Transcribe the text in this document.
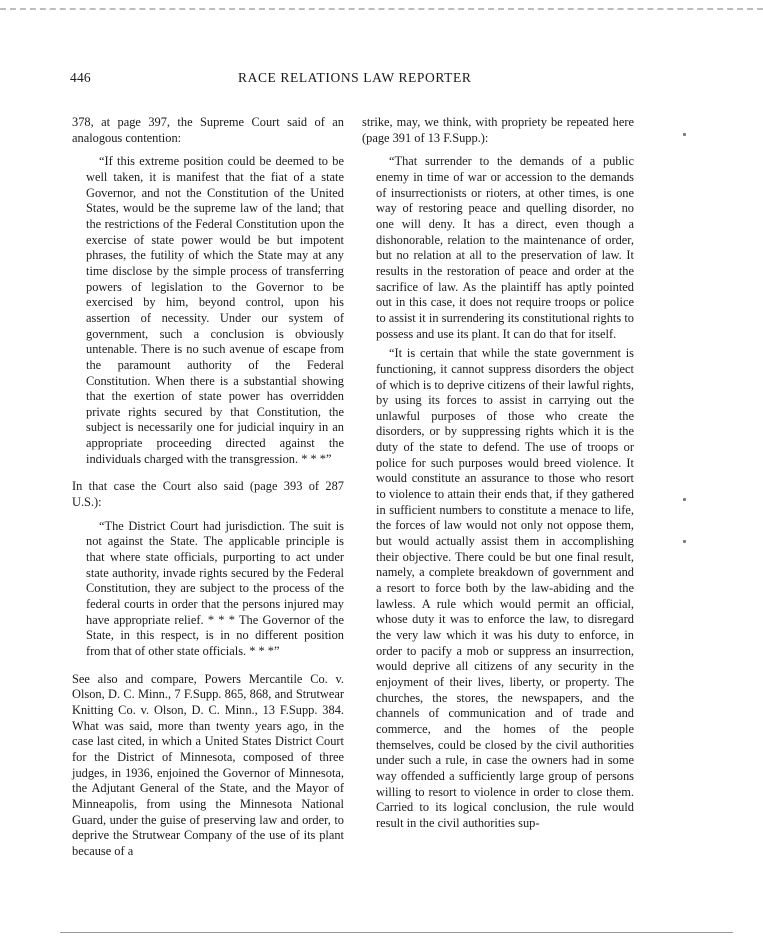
446	RACE RELATIONS LAW REPORTER

378, at page 397, the Supreme Court said of an analogous contention:

“If this extreme position could be deemed to be well taken, it is manifest that the fiat of a state Governor, and not the Constitution of the United States, would be the supreme law of the land; that the restrictions of the Federal Constitution upon the exercise of state power would be but impotent phrases, the futility of which the State may at any time disclose by the simple process of transferring powers of legislation to the Governor to be exercised by him, beyond control, upon his assertion of necessity. Under our system of government, such a conclusion is obviously untenable. There is no such avenue of escape from the paramount authority of the Federal Constitution. When there is a substantial showing that the exertion of state power has overridden private rights secured by that Constitution, the subject is necessarily one for judicial inquiry in an appropriate proceeding directed against the individuals charged with the transgression. * * *”

In that case the Court also said (page 393 of 287 U.S.):

“The District Court had jurisdiction. The suit is not against the State. The applicable principle is that where state officials, purporting to act under state authority, invade rights secured by the Federal Constitution, they are subject to the process of the federal courts in order that the persons injured may have appropriate relief. * * * The Governor of the State, in this respect, is in no different position from that of other state officials. * * *”

See also and compare, Powers Mercantile Co. v. Olson, D. C. Minn., 7 F.Supp. 865, 868, and Strutwear Knitting Co. v. Olson, D. C. Minn., 13 F.Supp. 384. What was said, more than twenty years ago, in the case last cited, in which a United States District Court for the District of Minnesota, composed of three judges, in 1936, enjoined the Governor of Minnesota, the Adjutant General of the State, and the Mayor of Minneapolis, from using the Minnesota National Guard, under the guise of preserving law and order, to deprive the Strutwear Company of the use of its plant because of a

strike, may, we think, with propriety be repeated here (page 391 of 13 F.Supp.):

“That surrender to the demands of a public enemy in time of war or accession to the demands of insurrectionists or rioters, at other times, is one way of restoring peace and quelling disorder, no one will deny. It has a direct, even though a dishonorable, relation to the maintenance of order, but no relation at all to the preservation of law. It results in the restoration of peace and order at the sacrifice of law. As the plaintiff has aptly pointed out in this case, it does not require troops or police to assist it in surrendering its constitutional rights to possess and use its plant. It can do that for itself.

“It is certain that while the state government is functioning, it cannot suppress disorders the object of which is to deprive citizens of their lawful rights, by using its forces to assist in carrying out the unlawful purposes of those who create the disorders, or by suppressing rights which it is the duty of the state to defend. The use of troops or police for such purposes would breed violence. It would constitute an assurance to those who resort to violence to attain their ends that, if they gathered in sufficient numbers to constitute a menace to life, the forces of law would not only not oppose them, but would actually assist them in accomplishing their objective. There could be but one final result, namely, a complete breakdown of government and a resort to force both by the law-abiding and the lawless. A rule which would permit an official, whose duty it was to enforce the law, to disregard the very law which it was his duty to enforce, in order to pacify a mob or suppress an insurrection, would deprive all citizens of any security in the enjoyment of their lives, liberty, or property. The churches, the stores, the newspapers, and the channels of communication and of trade and commerce, and the homes of the people themselves, could be closed by the civil authorities under such a rule, in case the owners had in some way offended a sufficiently large group of persons willing to resort to violence in order to close them. Carried to its logical conclusion, the rule would result in the civil authorities sup-
